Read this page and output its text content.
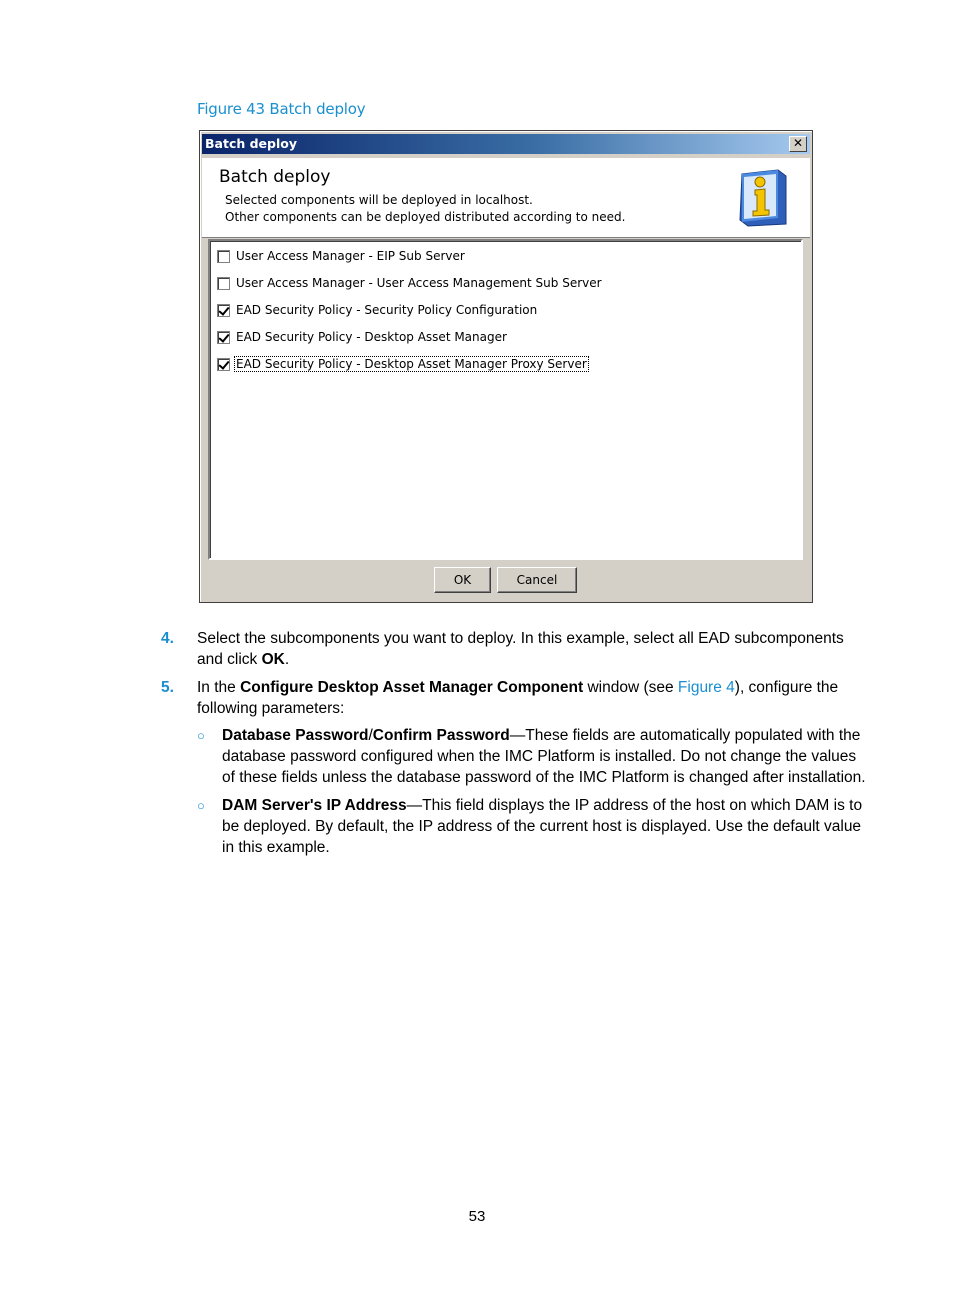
Figure 43 Batch deploy
Batch deploy	✕
Batch deploy
Selected components will be deployed in localhost.
Other components can be deployed distributed according to need.
User Access Manager - EIP Sub Server
User Access Manager - User Access Management Sub Server
EAD Security Policy - Security Policy Configuration
EAD Security Policy - Desktop Asset Manager
EAD Security Policy - Desktop Asset Manager Proxy Server
OK	Cancel
4. Select the subcomponents you want to deploy. In this example, select all EAD subcomponents and click OK.
5. In the Configure Desktop Asset Manager Component window (see Figure 4), configure the following parameters:
○ Database Password/Confirm Password—These fields are automatically populated with the database password configured when the IMC Platform is installed. Do not change the values of these fields unless the database password of the IMC Platform is changed after installation.
○ DAM Server's IP Address—This field displays the IP address of the host on which DAM is to be deployed. By default, the IP address of the current host is displayed. Use the default value in this example.
53
